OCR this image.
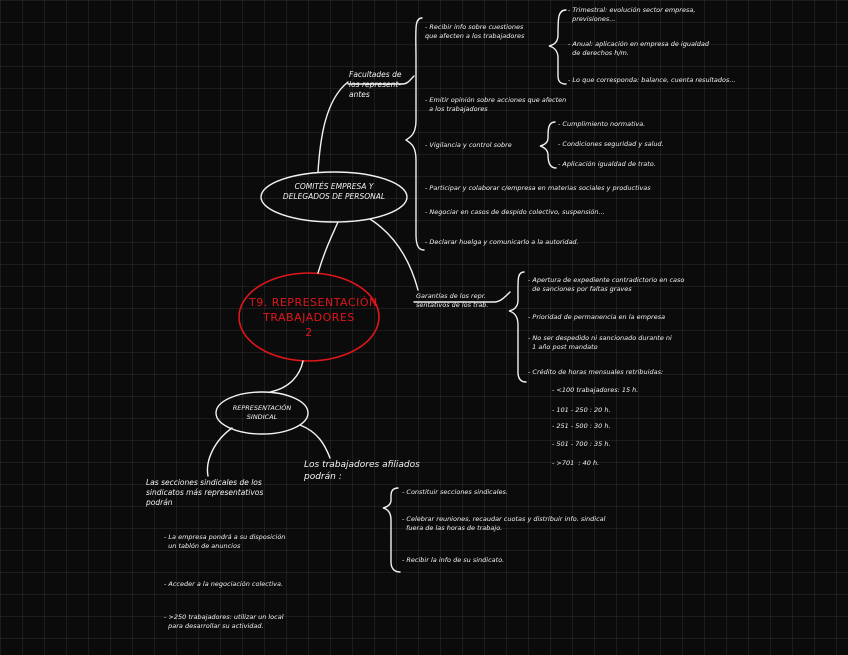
T9. REPRESENTACIÓN
TRABAJADORES
2

COMITÉS EMPRESA Y
DELEGADOS DE PERSONAL

Facultades de
los represent-
antes

- Recibir info sobre cuestiones
que afecten a los trabajadores

- Trimestral: evolución sector empresa,
previsiones...

- Anual: aplicación en empresa de igualdad
de derechos h/m.

- Lo que corresponda: balance, cuenta resultados...

- Emitir opinión sobre acciones que afecten
a los trabajadores

- Vigilancia y control sobre

- Cumplimiento normativa.

- Condiciones seguridad y salud.

- Aplicación igualdad de trato.

- Participar y colaborar c/empresa en materias sociales y productivas

- Negociar en casos de despido colectivo, suspensión...

- Declarar huelga y comunicarlo a la autoridad.

Garantías de los repr.
sentativos de los trab.

- Apertura de expediente contradictorio en caso
de sanciones por faltas graves

- Prioridad de permanencia en la empresa

- No ser despedido ni sancionado durante ni
1 año post mandato

- Crédito de horas mensuales retribuidas:

- <100 trabajadores: 15 h.

- 101 - 250 : 20 h.

- 251 - 500 : 30 h.

- 501 - 700 : 35 h.

- >701  : 40 h.

REPRESENTACIÓN
SINDICAL

Las secciones sindicales de los
sindicatos más representativos
podrán

- La empresa pondrá a su disposición
un tablón de anuncios

- Acceder a la negociación colectiva.

- >250 trabajadores: utilizar un local
para desarrollar su actividad.

Los trabajadores afiliados
podrán :

- Constituir secciones sindicales.

- Celebrar reuniones, recaudar cuotas y distribuir info. sindical
fuera de las horas de trabajo.

- Recibir la info de su sindicato.
